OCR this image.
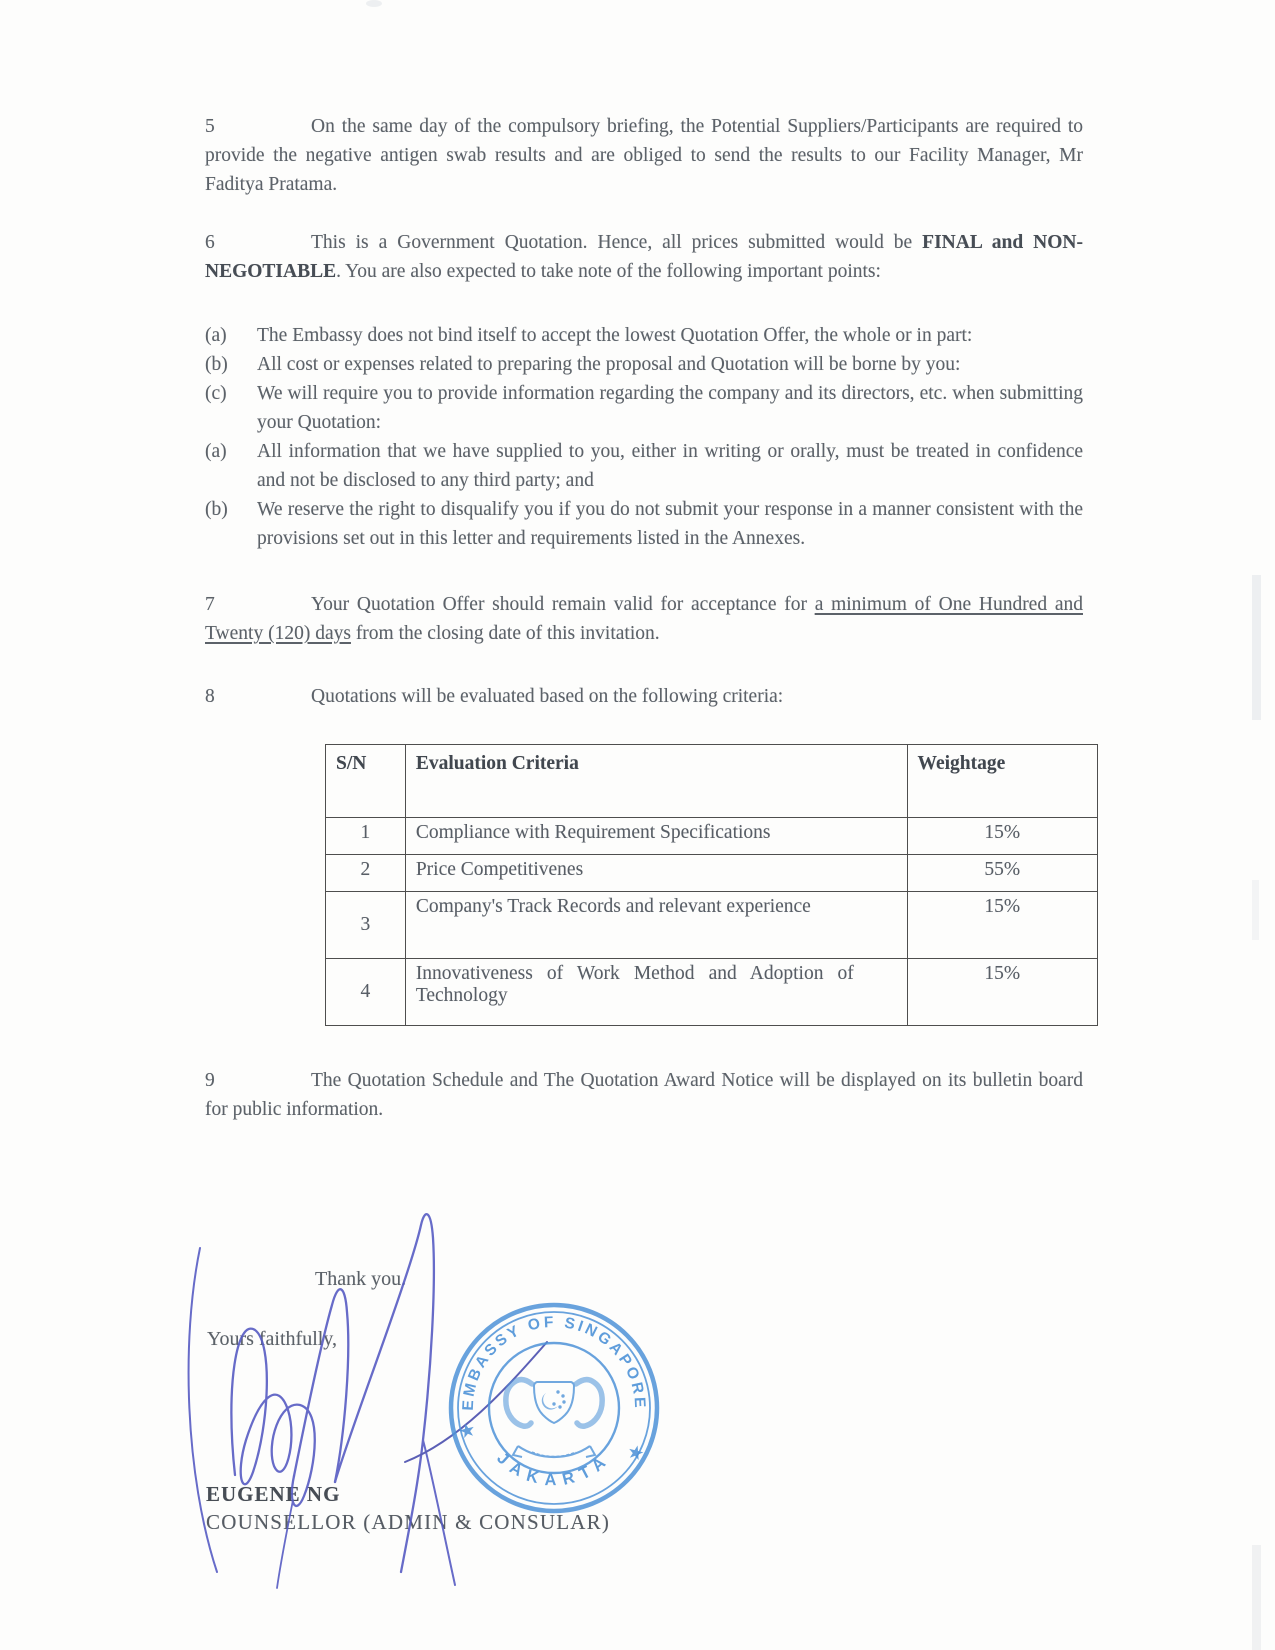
5	On the same day of the compulsory briefing, the Potential Suppliers/Participants are required to provide the negative antigen swab results and are obliged to send the results to our Facility Manager, Mr Faditya Pratama.
6	This is a Government Quotation. Hence, all prices submitted would be FINAL and NON-NEGOTIABLE. You are also expected to take note of the following important points:
(a)	The Embassy does not bind itself to accept the lowest Quotation Offer, the whole or in part:
(b)	All cost or expenses related to preparing the proposal and Quotation will be borne by you:
(c)	We will require you to provide information regarding the company and its directors, etc. when submitting your Quotation:
(a)	All information that we have supplied to you, either in writing or orally, must be treated in confidence and not be disclosed to any third party; and
(b)	We reserve the right to disqualify you if you do not submit your response in a manner consistent with the provisions set out in this letter and requirements listed in the Annexes.
7	Your Quotation Offer should remain valid for acceptance for a minimum of One Hundred and Twenty (120) days from the closing date of this invitation.
8	Quotations will be evaluated based on the following criteria:
S/N	Evaluation Criteria	Weightage
1	Compliance with Requirement Specifications	15%
2	Price Competitivenes	55%
3	Company's Track Records and relevant experience	15%
4	Innovativeness of Work Method and Adoption of Technology	15%
9	The Quotation Schedule and The Quotation Award Notice will be displayed on its bulletin board for public information.
Thank you.
Yours faithfully,
EUGENE NG
COUNSELLOR (ADMIN & CONSULAR)
EMBASSY OF SINGAPORE
JAKARTA
★
★
